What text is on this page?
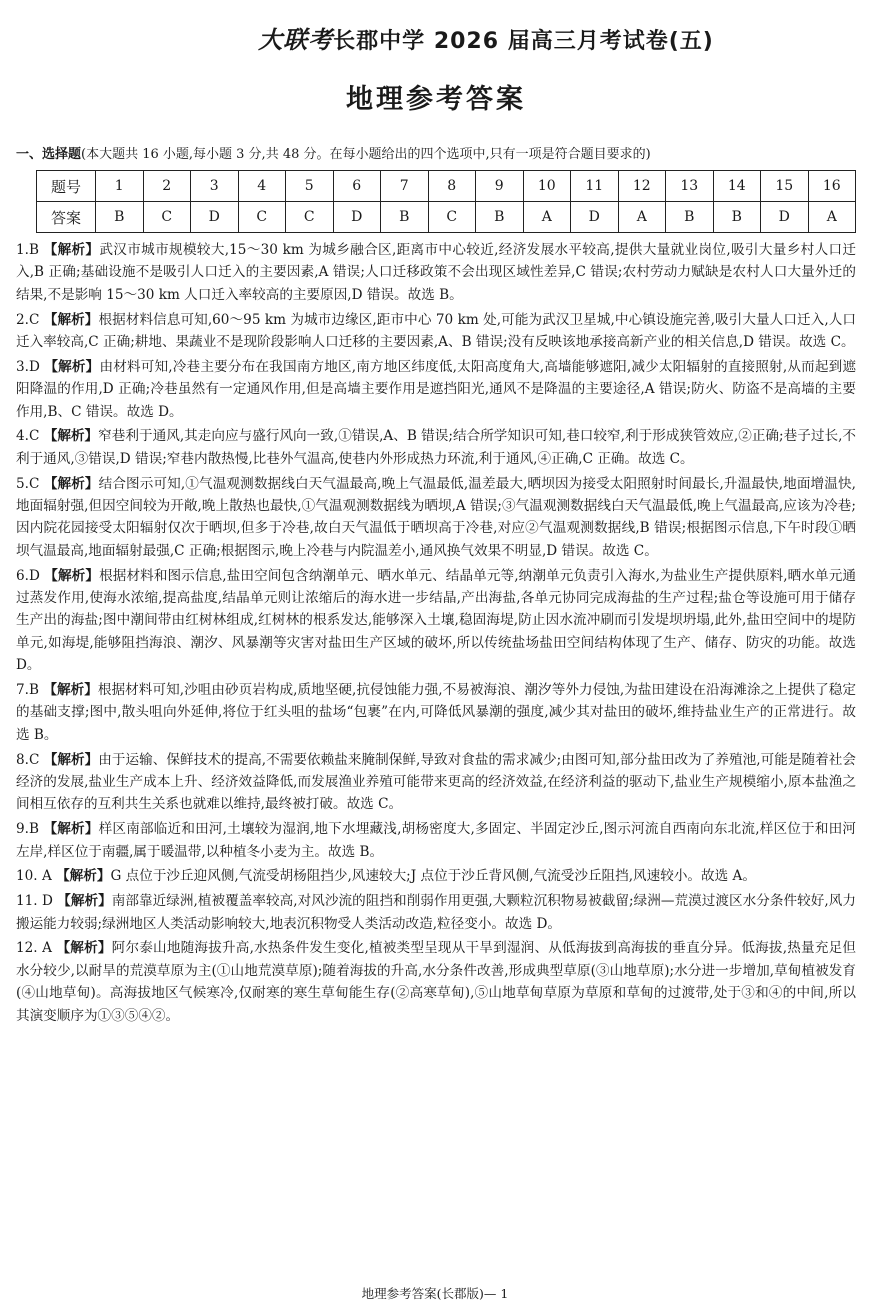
大联考长郡中学 2026 届高三月考试卷(五)
地理参考答案
一、选择题(本大题共 16 小题,每小题 3 分,共 48 分。在每小题给出的四个选项中,只有一项是符合题目要求的)
题号	1	2	3	4	5	6	7	8	9	10	11	12	13	14	15	16
答案	B	C	D	C	C	D	B	C	B	A	D	A	B	B	D	A
1.B 【解析】武汉市城市规模较大,15～30 km 为城乡融合区,距离市中心较近,经济发展水平较高,提供大量就业岗位,吸引大量乡村人口迁入,B 正确;基础设施不是吸引人口迁入的主要因素,A 错误;人口迁移政策不会出现区域性差异,C 错误;农村劳动力赋缺是农村人口大量外迁的结果,不是影响 15～30 km 人口迁入率较高的主要原因,D 错误。故选 B。
2.C 【解析】根据材料信息可知,60～95 km 为城市边缘区,距市中心 70 km 处,可能为武汉卫星城,中心镇设施完善,吸引大量人口迁入,人口迁入率较高,C 正确;耕地、果蔬业不是现阶段影响人口迁移的主要因素,A、B 错误;没有反映该地承接高新产业的相关信息,D 错误。故选 C。
3.D 【解析】由材料可知,冷巷主要分布在我国南方地区,南方地区纬度低,太阳高度角大,高墙能够遮阳,减少太阳辐射的直接照射,从而起到遮阳降温的作用,D 正确;冷巷虽然有一定通风作用,但是高墙主要作用是遮挡阳光,通风不是降温的主要途径,A 错误;防火、防盗不是高墙的主要作用,B、C 错误。故选 D。
4.C 【解析】窄巷利于通风,其走向应与盛行风向一致,①错误,A、B 错误;结合所学知识可知,巷口较窄,利于形成狭管效应,②正确;巷子过长,不利于通风,③错误,D 错误;窄巷内散热慢,比巷外气温高,使巷内外形成热力环流,利于通风,④正确,C 正确。故选 C。
5.C 【解析】结合图示可知,①气温观测数据线白天气温最高,晚上气温最低,温差最大,晒坝因为接受太阳照射时间最长,升温最快,地面增温快,地面辐射强,但因空间较为开敞,晚上散热也最快,①气温观测数据线为晒坝,A 错误;③气温观测数据线白天气温最低,晚上气温最高,应该为冷巷;因内院花园接受太阳辐射仅次于晒坝,但多于冷巷,故白天气温低于晒坝高于冷巷,对应②气温观测数据线,B 错误;根据图示信息,下午时段①晒坝气温最高,地面辐射最强,C 正确;根据图示,晚上冷巷与内院温差小,通风换气效果不明显,D 错误。故选 C。
6.D 【解析】根据材料和图示信息,盐田空间包含纳潮单元、晒水单元、结晶单元等,纳潮单元负责引入海水,为盐业生产提供原料,晒水单元通过蒸发作用,使海水浓缩,提高盐度,结晶单元则让浓缩后的海水进一步结晶,产出海盐,各单元协同完成海盐的生产过程;盐仓等设施可用于储存生产出的海盐;图中潮间带由红树林组成,红树林的根系发达,能够深入土壤,稳固海堤,防止因水流冲刷而引发堤坝坍塌,此外,盐田空间中的堤防单元,如海堤,能够阻挡海浪、潮汐、风暴潮等灾害对盐田生产区域的破坏,所以传统盐场盐田空间结构体现了生产、储存、防灾的功能。故选 D。
7.B 【解析】根据材料可知,沙咀由砂页岩构成,质地坚硬,抗侵蚀能力强,不易被海浪、潮汐等外力侵蚀,为盐田建设在沿海滩涂之上提供了稳定的基础支撑;图中,散头咀向外延伸,将位于红头咀的盐场“包裹”在内,可降低风暴潮的强度,减少其对盐田的破坏,维持盐业生产的正常进行。故选 B。
8.C 【解析】由于运输、保鲜技术的提高,不需要依赖盐来腌制保鲜,导致对食盐的需求减少;由图可知,部分盐田改为了养殖池,可能是随着社会经济的发展,盐业生产成本上升、经济效益降低,而发展渔业养殖可能带来更高的经济效益,在经济利益的驱动下,盐业生产规模缩小,原本盐渔之间相互依存的互利共生关系也就难以维持,最终被打破。故选 C。
9.B 【解析】样区南部临近和田河,土壤较为湿润,地下水埋藏浅,胡杨密度大,多固定、半固定沙丘,图示河流自西南向东北流,样区位于和田河左岸,样区位于南疆,属于暖温带,以种植冬小麦为主。故选 B。
10. A 【解析】G 点位于沙丘迎风侧,气流受胡杨阻挡少,风速较大;J 点位于沙丘背风侧,气流受沙丘阻挡,风速较小。故选 A。
11. D 【解析】南部靠近绿洲,植被覆盖率较高,对风沙流的阻挡和削弱作用更强,大颗粒沉积物易被截留;绿洲—荒漠过渡区水分条件较好,风力搬运能力较弱;绿洲地区人类活动影响较大,地表沉积物受人类活动改造,粒径变小。故选 D。
12. A 【解析】阿尔泰山地随海拔升高,水热条件发生变化,植被类型呈现从干旱到湿润、从低海拔到高海拔的垂直分异。低海拔,热量充足但水分较少,以耐旱的荒漠草原为主(①山地荒漠草原);随着海拔的升高,水分条件改善,形成典型草原(③山地草原);水分进一步增加,草甸植被发育(④山地草甸)。高海拔地区气候寒冷,仅耐寒的寒生草甸能生存(②高寒草甸),⑤山地草甸草原为草原和草甸的过渡带,处于③和④的中间,所以其演变顺序为①③⑤④②。
地理参考答案(长郡版)— 1
